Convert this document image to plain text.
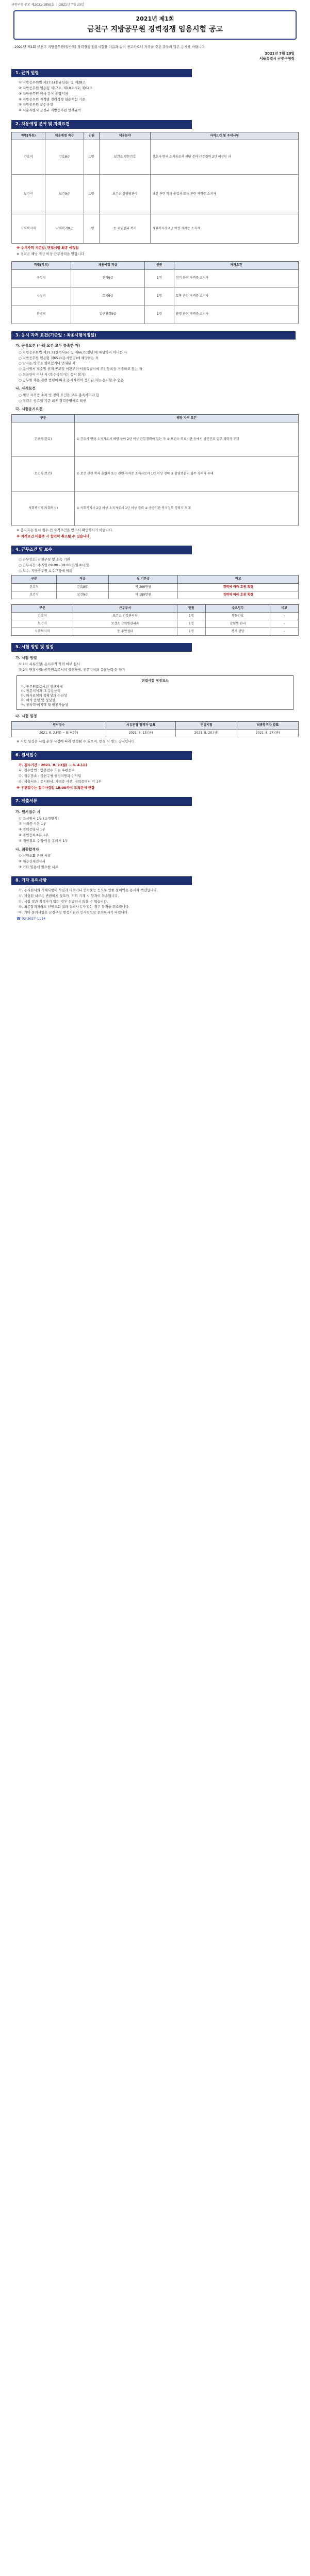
금천구청 공고 제2021-1050호 ｜ 2021년 7월 20일
2021년 제1회
금천구 지방공무원 경력경쟁 임용시험 공고
2021년 제1회 금천구 지방공무원(일반직) 경력경쟁 임용시험을 다음과 같이 공고하오니 자격을 갖춘 분들의 많은 응시를 바랍니다.
2021년 7월 20일
서울특별시 금천구청장
1. 근거 법령
① 지방공무원법 제27조(신규임용) 및 제28조
② 지방공무원 임용령 제17조, 제19조의2, 제62조
③ 지방공무원 인사 분야 통합지침
④ 지방공무원 자격별 경력경쟁 임용시험 기준
⑤ 지방공무원 보수규정
⑥ 서울특별시 금천구 지방공무원 인사규칙
2. 채용예정 분야 및 자격요건
직렬(직류)	채용예정 직급	인원	채용분야	자격요건 및 우대사항
간호직	간호8급	1명	보건소 방문간호	간호사 면허 소지자로서 해당 분야 근무경력 2년 이상인 자
보건직	보건9급	1명	보건소 감염병관리	보건 관련 학과 졸업자 또는 관련 자격증 소지자
사회복지직	사회복지9급	1명	동 주민센터 복지	사회복지사 2급 이상 자격증 소지자
※ 응시자격 기준일: 면접시험 최종 예정일
※ 경력은 해당 직급 이상 근무경력을 말합니다
직렬(직류)	채용예정 직급	인원	자격요건
공업직	전기9급	1명	전기 관련 자격증 소지자
시설직	토목9급	1명	토목 관련 자격증 소지자
환경직	일반환경9급	1명	환경 관련 자격증 소지자
3. 응시 자격 요건(기준일 : 최종시험예정일)
가. 공통요건 (아래 요건 모두 충족한 자)
○ 지방공무원법 제31조(결격사유) 및 제66조(정년)에 해당하지 아니한 자
○ 지방공무원 임용령 제65조(응시연령)에 해당하는 자
○ 남자는 병역을 필하였거나 면제된 자
○ 응시원서 접수일 현재 공고일 이전부터 서울특별시에 주민등록상 거주하고 있는 자
○ 외국인이 아닌 자 (복수국적자는 응시 불가)
○ 공무원 채용 관련 법령에 따라 응시자격이 정지된 자는 응시할 수 없음
나. 자격요건
○ 해당 자격증 소지 및 경력 요건을 모두 충족하여야 함
○ 경력은 공고일 기준 최종 경력증명서로 확인
다. 시험응시요건
구분	해당 자격 요건
간호직(간호)	① 간호사 면허 소지자로서 해당 분야 2년 이상 근무경력이 있는 자 ② 보건소·의료기관 등에서 방문간호 업무 경력자 우대
보건직(보건)	① 보건 관련 학과 졸업자 또는 관련 자격증 소지자로서 1년 이상 경력 ② 감염병관리 업무 경력자 우대
사회복지직(사회복지)	① 사회복지사 2급 이상 소지자로서 1년 이상 경력 ② 공공기관 복지업무 경력자 우대
※ 응시자는 원서 접수 전 자격요건을 반드시 확인하시기 바랍니다.
※ 자격요건 미충족 시 합격이 취소될 수 있습니다.
4. 근무조건 및 보수
○ 근무장소: 금천구청 및 소속 기관
○ 근무시간: 주 5일 09:00~18:00 (1일 8시간)
○ 보수: 지방공무원 보수규정에 따름
구분	직급	월 기본급	비고
간호직	간호8급	약 200만원	경력에 따라 호봉 획정
보건직	보건9급	약 180만원	경력에 따라 호봉 획정
구분	근무부서	인원	주요업무	비고
간호직	보건소 건강관리과	1명	방문간호	-
보건직	보건소 감염병관리과	1명	감염병 관리	-
사회복지직	동 주민센터	1명	복지 상담	-
5. 시험 방법 및 일정
가. 시험 방법
① 1차 서류전형: 응시자격 적격 여부 심사
② 2차 면접시험: 공무원으로서의 정신자세, 전문지식과 응용능력 등 평가
면접시험 평정요소
가. 공무원으로서의 정신자세
나. 전문지식과 그 응용능력
다. 의사표현의 정확성과 논리성
라. 예의·품행 및 성실성
마. 창의력·의지력 및 발전가능성
나. 시험 일정
원서접수	서류전형 합격자 발표	면접시험	최종합격자 발표
2021. 8. 2.(월) ~ 8. 4.(수)	2021. 8. 13.(금)	2021. 8. 20.(금)	2021. 8. 27.(금)
※ 시험 일정은 시험 운영 사정에 따라 변경될 수 있으며, 변경 시 별도 공지합니다.
6. 원서접수
가. 접수기간 : 2021. 8. 2.(월) ~ 8. 4.(수)
나. 접수방법 : 방문접수 또는 우편접수
다. 접수장소 : 금천구청 행정지원과 인사팀
라. 제출서류 : 응시원서, 자격증 사본, 경력증명서 각 1부
※ 우편접수는 접수마감일 18:00까지 도착분에 한함
7. 제출서류
가. 원서접수 시
① 응시원서 1부 (소정양식)
② 자격증 사본 1부
③ 경력증명서 1부
④ 주민등록초본 1부
⑤ 개인정보 수집·이용 동의서 1부
나. 최종합격자
① 신원조회 관련 서류
② 채용신체검사서
③ 기타 임용에 필요한 서류
8. 기타 유의사항
가. 응시원서의 기재사항이 사실과 다르거나 연락불능 등으로 인한 불이익은 응시자 책임입니다.
나. 제출된 서류는 반환하지 않으며, 허위 기재 시 합격이 취소됩니다.
다. 시험 결과 적격자가 없는 경우 선발하지 않을 수 있습니다.
라. 최종합격자라도 신원조회 결과 결격사유가 있는 경우 합격을 취소합니다.
마. 기타 문의사항은 금천구청 행정지원과 인사팀으로 문의하시기 바랍니다.
☎ 02-2627-1114
